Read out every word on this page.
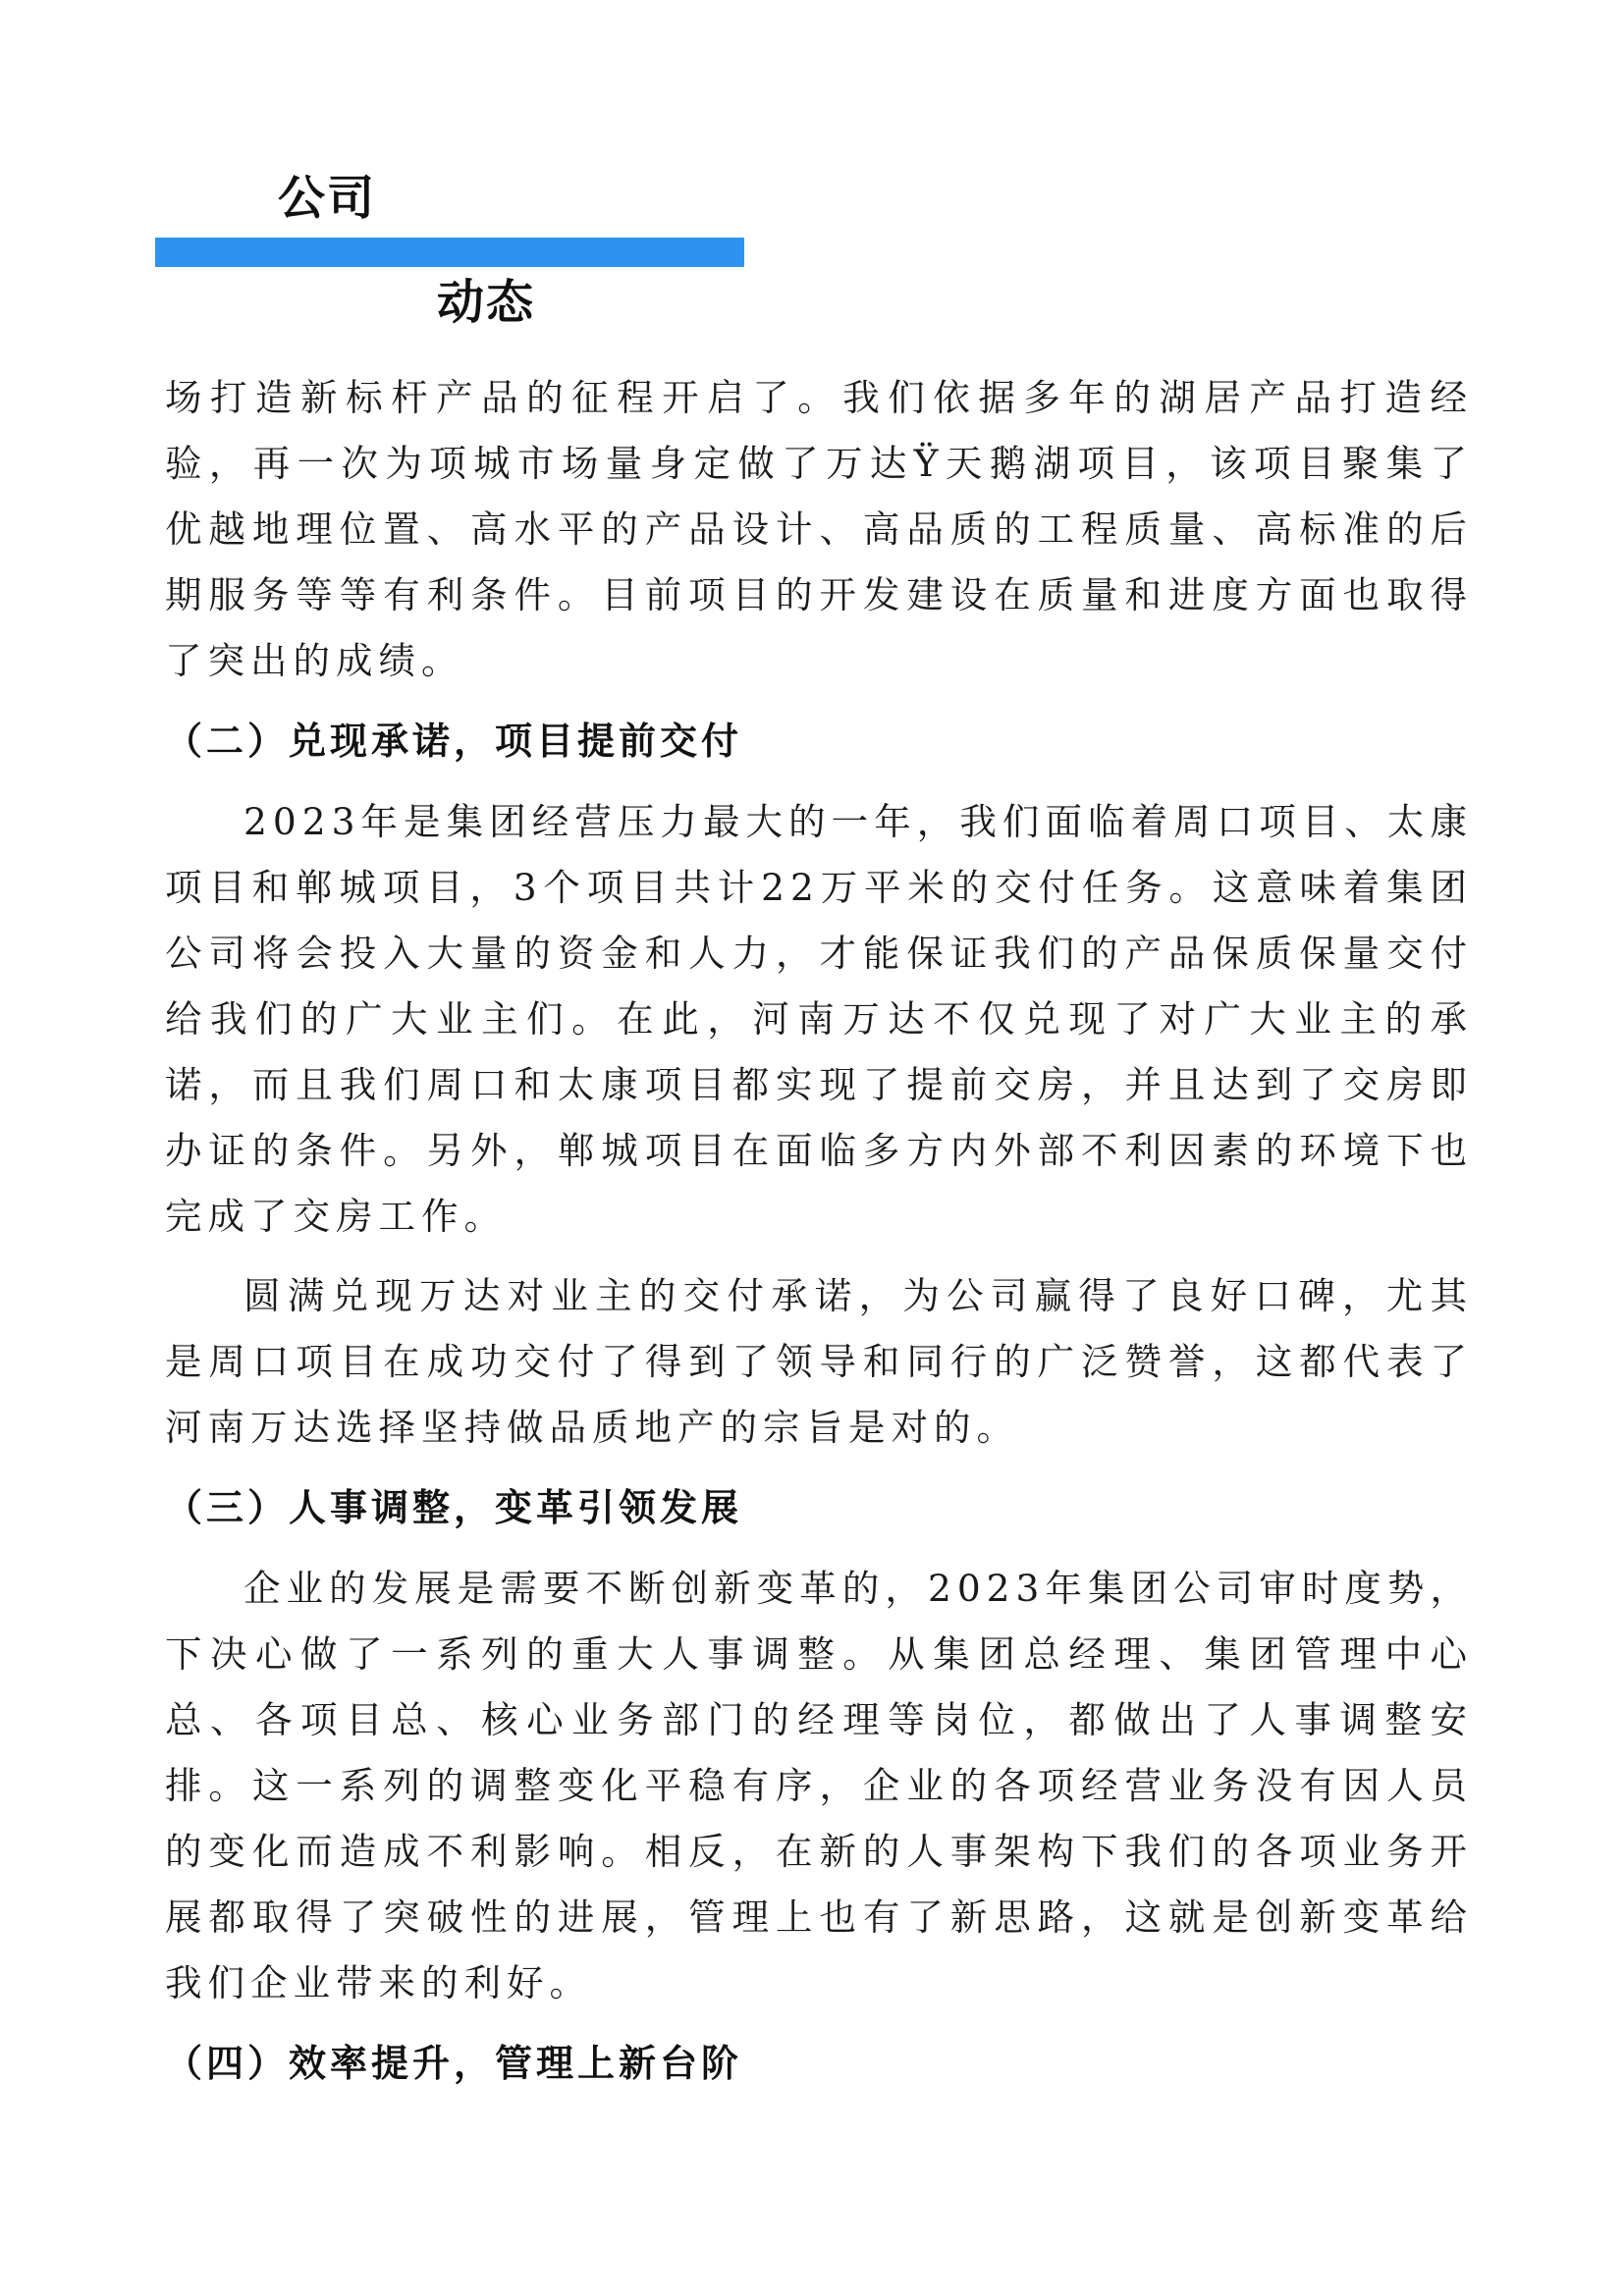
公司
动态

场打造新标杆产品的征程开启了。我们依据多年的湖居产品打造经验，再一次为项城市场量身定做了万达Ÿ天鹅湖项目，该项目聚集了优越地理位置、高水平的产品设计、高品质的工程质量、高标准的后期服务等等有利条件。目前项目的开发建设在质量和进度方面也取得了突出的成绩。

（二）兑现承诺，项目提前交付

2023年是集团经营压力最大的一年，我们面临着周口项目、太康项目和郸城项目，3个项目共计22万平米的交付任务。这意味着集团公司将会投入大量的资金和人力，才能保证我们的产品保质保量交付给我们的广大业主们。在此，河南万达不仅兑现了对广大业主的承诺，而且我们周口和太康项目都实现了提前交房，并且达到了交房即办证的条件。另外，郸城项目在面临多方内外部不利因素的环境下也完成了交房工作。

圆满兑现万达对业主的交付承诺，为公司赢得了良好口碑，尤其是周口项目在成功交付了得到了领导和同行的广泛赞誉，这都代表了河南万达选择坚持做品质地产的宗旨是对的。

（三）人事调整，变革引领发展

企业的发展是需要不断创新变革的，2023年集团公司审时度势，下决心做了一系列的重大人事调整。从集团总经理、集团管理中心总、各项目总、核心业务部门的经理等岗位，都做出了人事调整安排。这一系列的调整变化平稳有序，企业的各项经营业务没有因人员的变化而造成不利影响。相反，在新的人事架构下我们的各项业务开展都取得了突破性的进展，管理上也有了新思路，这就是创新变革给我们企业带来的利好。

（四）效率提升，管理上新台阶
